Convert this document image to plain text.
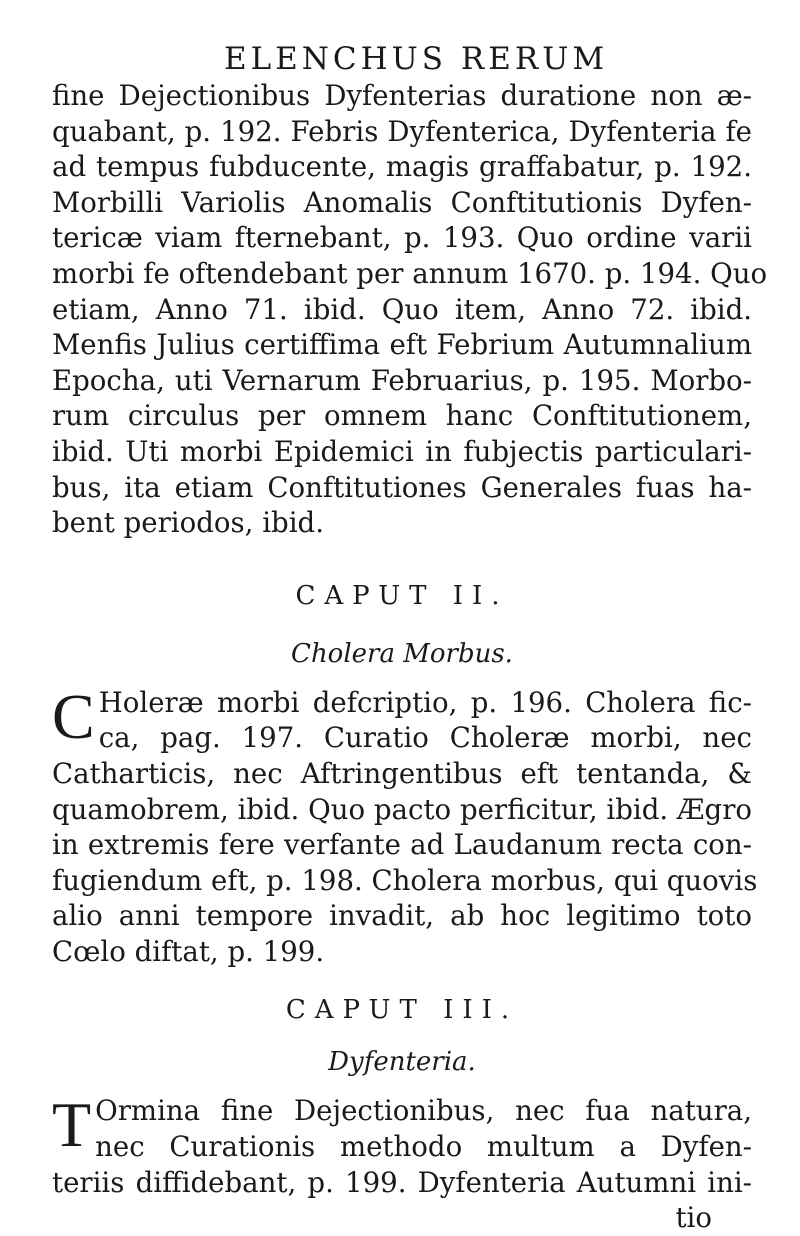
ELENCHUS RERUM
fine Dejectionibus Dyfenterias duratione non æ-
quabant, p. 192. Febris Dyfenterica, Dyfenteria fe
ad tempus fubducente, magis graffabatur, p. 192.
Morbilli Variolis Anomalis Conftitutionis Dyfen-
tericæ viam fternebant, p. 193. Quo ordine varii
morbi fe oftendebant per annum 1670. p. 194. Quo
etiam, Anno 71. ibid. Quo item, Anno 72. ibid.
Menfis Julius certiffima eft Febrium Autumnalium
Epocha, uti Vernarum Februarius, p. 195. Morbo-
rum circulus per omnem hanc Conftitutionem,
ibid. Uti morbi Epidemici in fubjectis particulari-
bus, ita etiam Conftitutiones Generales fuas ha-
bent periodos, ibid.
CAPUT II.
Cholera Morbus.
C Holeræ morbi defcriptio, p. 196. Cholera fic-
ca, pag. 197. Curatio Choleræ morbi, nec
Catharticis, nec Aftringentibus eft tentanda, &
quamobrem, ibid. Quo pacto perficitur, ibid. Ægro
in extremis fere verfante ad Laudanum recta con-
fugiendum eft, p. 198. Cholera morbus, qui quovis
alio anni tempore invadit, ab hoc legitimo toto
Cœlo diftat, p. 199.
CAPUT III.
Dyfenteria.
T Ormina fine Dejectionibus, nec fua natura,
nec Curationis methodo multum a Dyfen-
teriis diffidebant, p. 199. Dyfenteria Autumni ini-
tio
